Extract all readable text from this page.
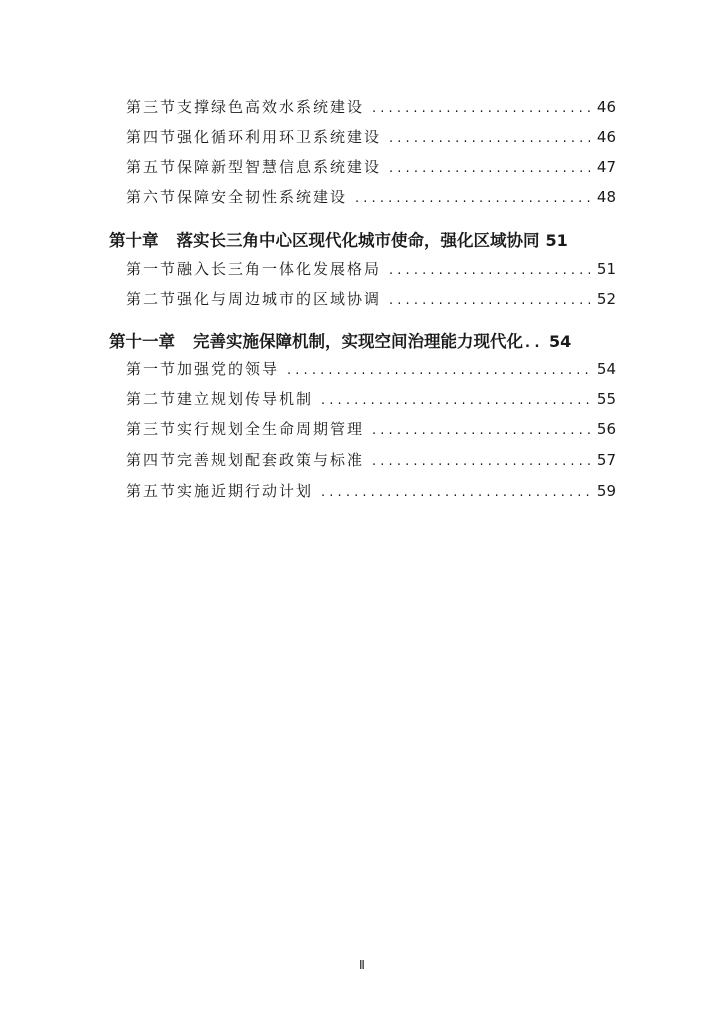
第三节 支撑绿色高效水系统建设 . . .	46
第四节 强化循环利用环卫系统建设 . . .	46
第五节 保障新型智慧信息系统建设 . . .	47
第六节 保障安全韧性系统建设 . . .	48
第十章 落实长三角中心区现代化城市使命，强化区域协同 51
第一节 融入长三角一体化发展格局 . . .	51
第二节 强化与周边城市的区域协调 . . .	52
第十一章 完善实施保障机制，实现空间治理能力现代化 . . . 54
第一节 加强党的领导 . . .	54
第二节 建立规划传导机制 . . .	55
第三节 实行规划全生命周期管理 . . .	56
第四节 完善规划配套政策与标准 . . .	57
第五节 实施近期行动计划 . . .	59
Ⅱ
